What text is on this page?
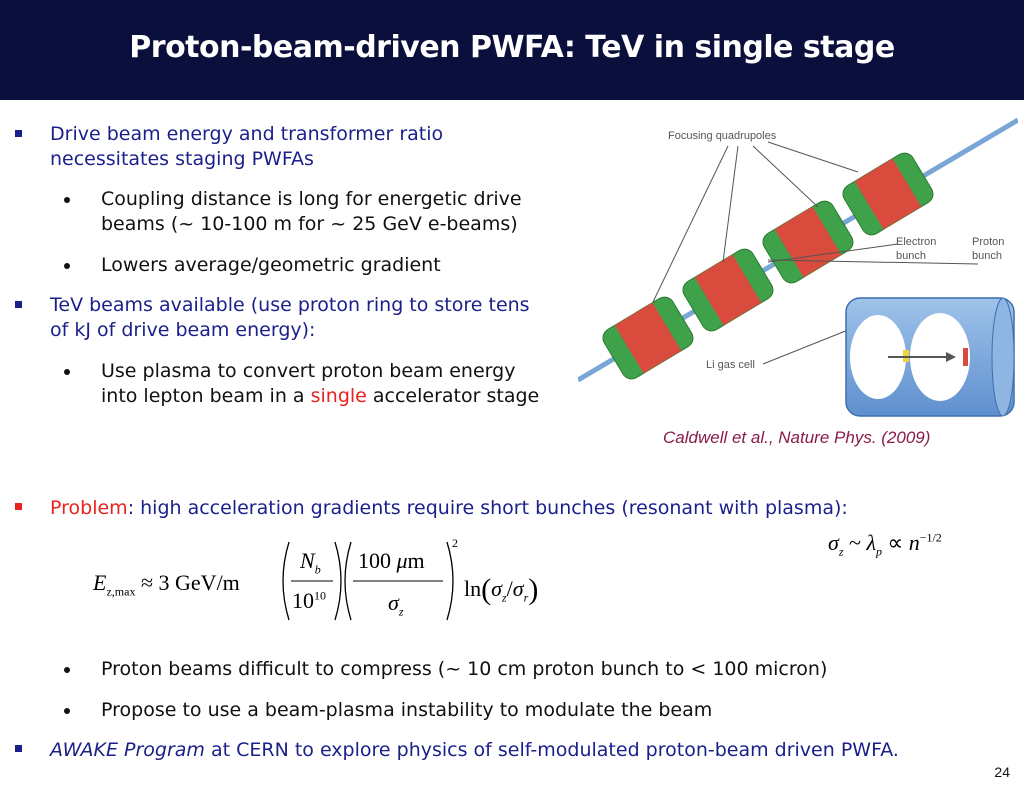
Proton-beam-driven PWFA: TeV in single stage
Drive beam energy and transformer ratio
necessitates staging PWFAs
Coupling distance is long for energetic drive
beams (~ 10-100 m for ~ 25 GeV e-beams)
Lowers average/geometric gradient
TeV beams available (use proton ring to store tens
of kJ of drive beam energy):
Use plasma to convert proton beam energy
into lepton beam in a single accelerator stage
Focusing quadrupoles
Electron
bunch
Proton
bunch
Li gas cell
Caldwell et al., Nature Phys. (2009)
Problem: high acceleration gradients require short bunches (resonant with plasma):
$\sigma_z$ ~ $\lambda_p \propto n^{-1/2}$
$E_{z,max} \approx 3$ GeV/m
$N_b$
$10^{10}$
100 μm
$\sigma_z$
2
$\ln(\sigma_z/\sigma_r)$
Proton beams difficult to compress (~ 10 cm proton bunch to < 100 micron)
Propose to use a beam-plasma instability to modulate the beam
AWAKE Program at CERN to explore physics of self-modulated proton-beam driven PWFA.
24
